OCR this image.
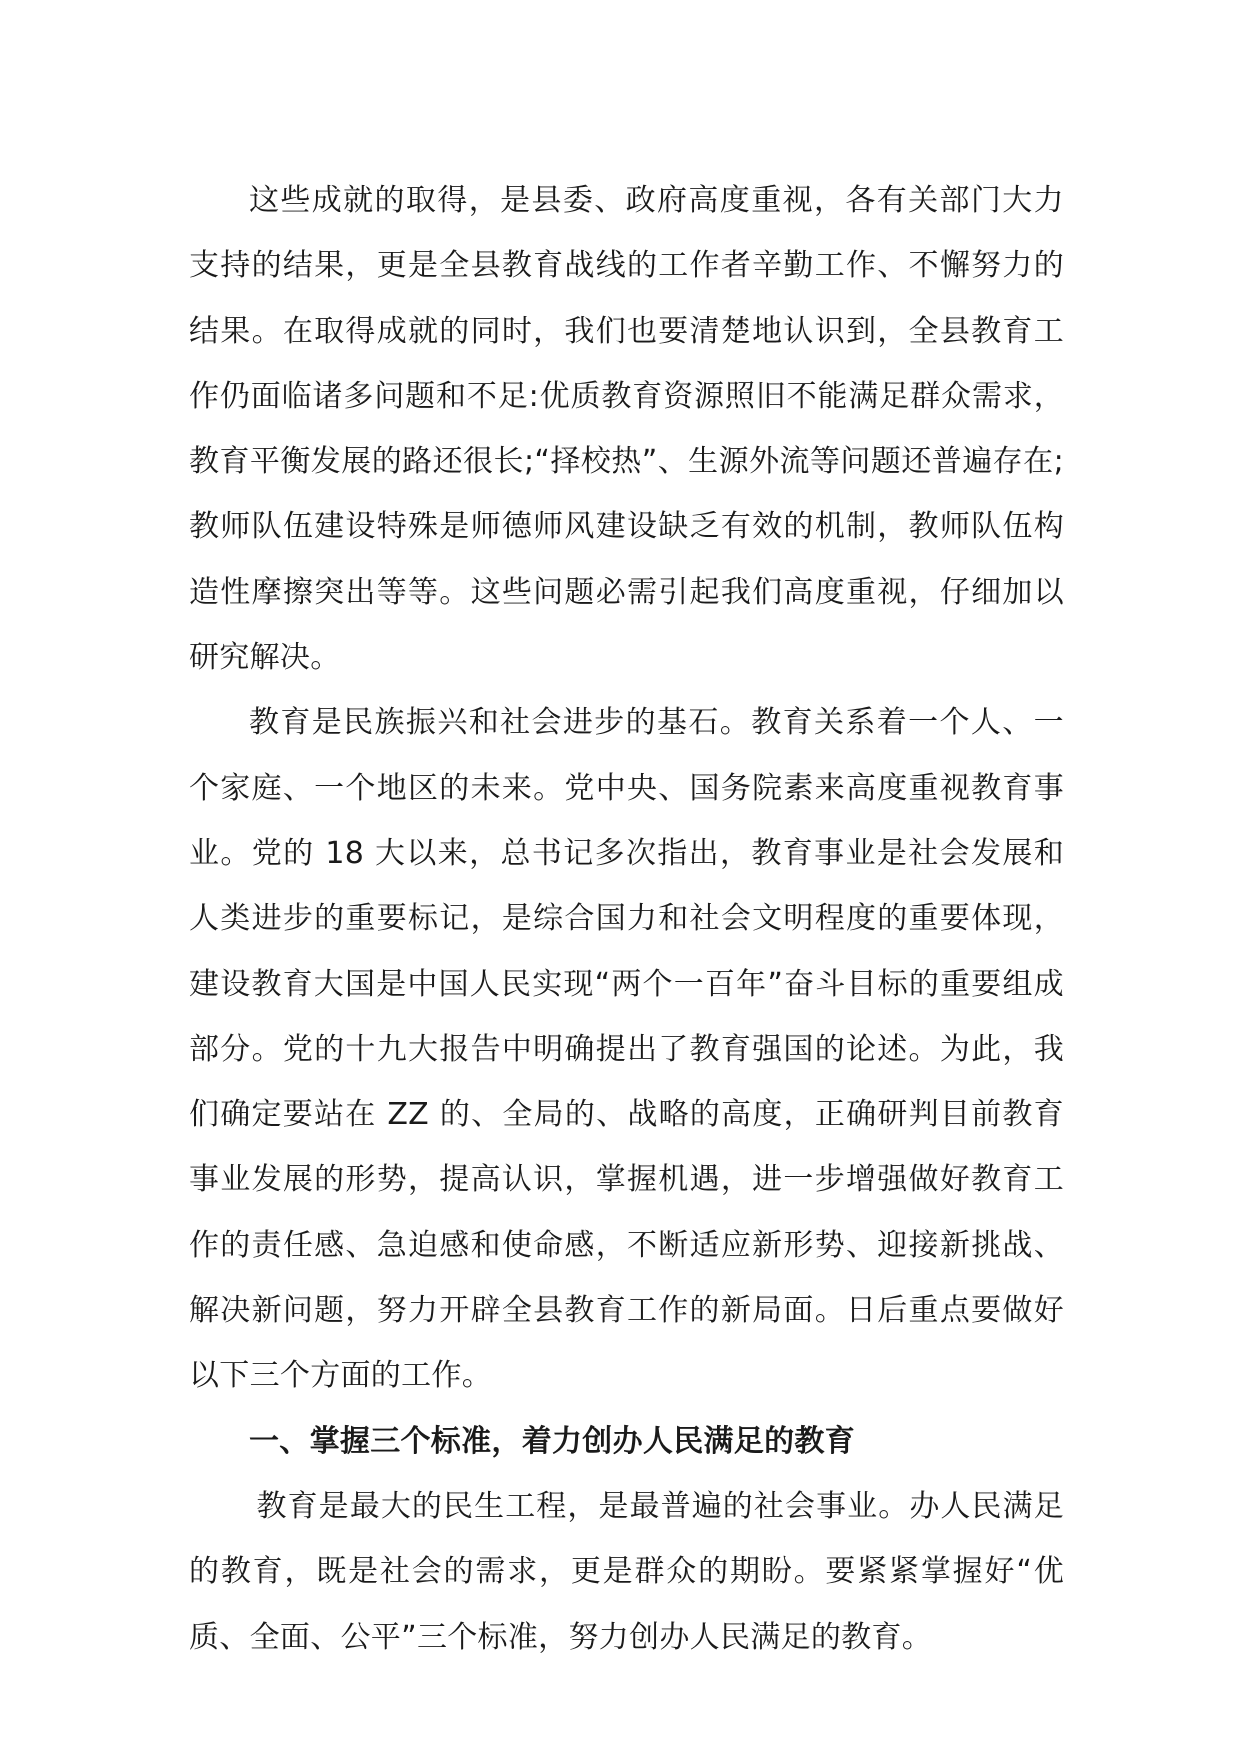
这些成就的取得，是县委、政府高度重视，各有关部门大力支持的结果，更是全县教育战线的工作者辛勤工作、不懈努力的结果。在取得成就的同时，我们也要清楚地认识到，全县教育工作仍面临诸多问题和不足:优质教育资源照旧不能满足群众需求，教育平衡发展的路还很长;“择校热”、生源外流等问题还普遍存在;教师队伍建设特殊是师德师风建设缺乏有效的机制，教师队伍构造性摩擦突出等等。这些问题必需引起我们高度重视，仔细加以研究解决。

教育是民族振兴和社会进步的基石。教育关系着一个人、一个家庭、一个地区的未来。党中央、国务院素来高度重视教育事业。党的 18 大以来，总书记多次指出，教育事业是社会发展和人类进步的重要标记，是综合国力和社会文明程度的重要体现，建设教育大国是中国人民实现“两个一百年”奋斗目标的重要组成部分。党的十九大报告中明确提出了教育强国的论述。为此，我们确定要站在 ZZ 的、全局的、战略的高度，正确研判目前教育事业发展的形势，提高认识，掌握机遇，进一步增强做好教育工作的责任感、急迫感和使命感，不断适应新形势、迎接新挑战、解决新问题，努力开辟全县教育工作的新局面。日后重点要做好以下三个方面的工作。

一、掌握三个标准，着力创办人民满足的教育

教育是最大的民生工程，是最普遍的社会事业。办人民满足的教育，既是社会的需求，更是群众的期盼。要紧紧掌握好“优质、全面、公平”三个标准，努力创办人民满足的教育。
